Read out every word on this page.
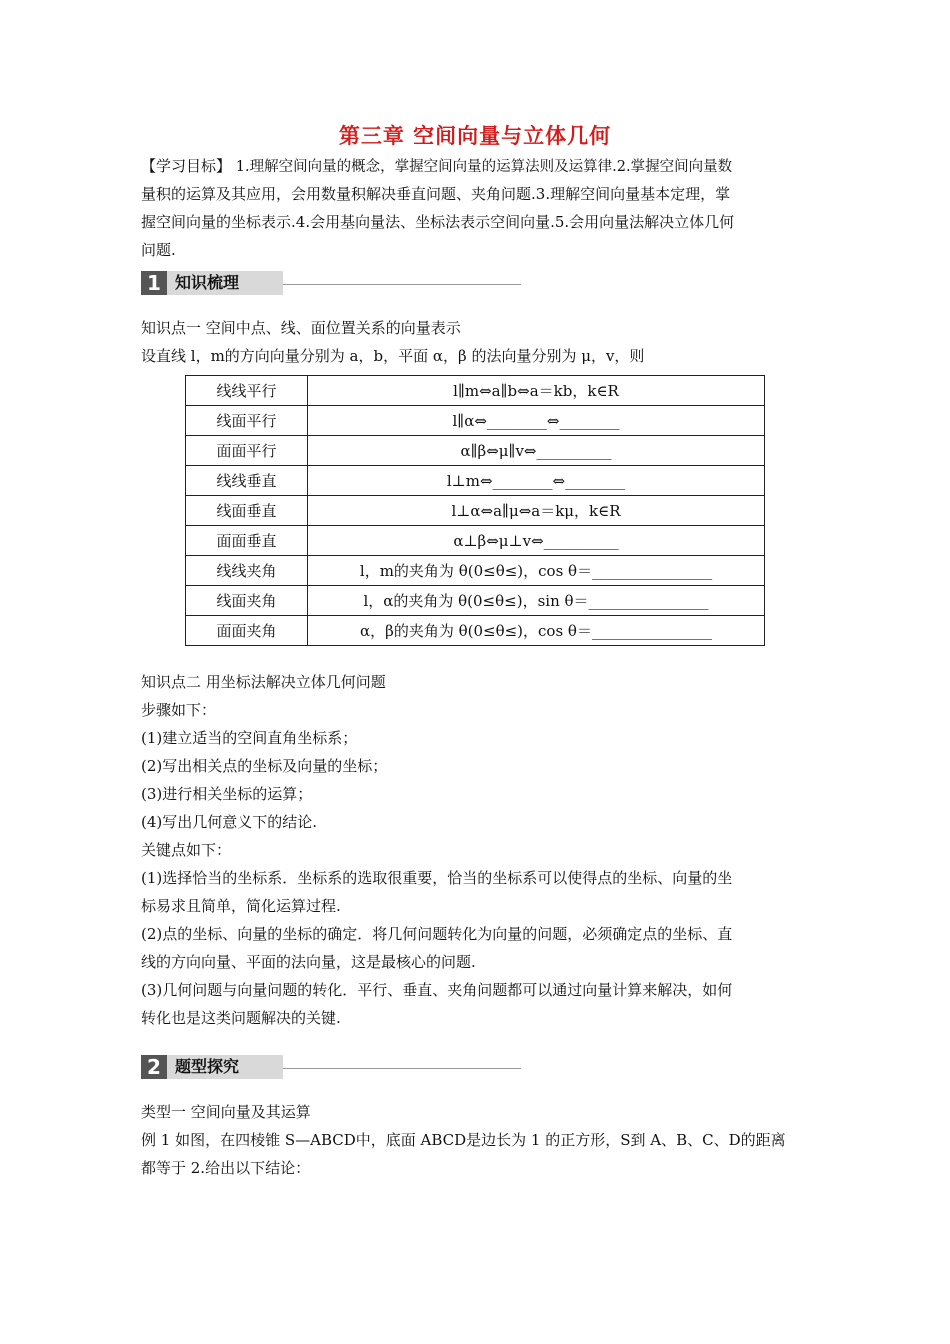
第三章 空间向量与立体几何
【学习目标】 1.理解空间向量的概念，掌握空间向量的运算法则及运算律.2.掌握空间向量数
量积的运算及其应用，会用数量积解决垂直问题、夹角问题.3.理解空间向量基本定理，掌
握空间向量的坐标表示.4.会用基向量法、坐标法表示空间向量.5.会用向量法解决立体几何
问题.
1 知识梳理
知识点一 空间中点、线、面位置关系的向量表示
设直线 l，m的方向向量分别为 a，b，平面 α，β 的法向量分别为 μ，v，则
线线平行	l∥m⇔a∥b⇔a＝kb，k∈R
线面平行	l∥α⇔________⇔________
面面平行	α∥β⇔μ∥v⇔__________
线线垂直	l⊥m⇔________⇔________
线面垂直	l⊥α⇔a∥μ⇔a＝kμ，k∈R
面面垂直	α⊥β⇔μ⊥v⇔__________
线线夹角	l，m的夹角为 θ(0≤θ≤)，cos θ＝________________
线面夹角	l，α的夹角为 θ(0≤θ≤)，sin θ＝________________
面面夹角	α，β的夹角为 θ(0≤θ≤)，cos θ＝________________
知识点二 用坐标法解决立体几何问题
步骤如下：
(1)建立适当的空间直角坐标系；
(2)写出相关点的坐标及向量的坐标；
(3)进行相关坐标的运算；
(4)写出几何意义下的结论.
关键点如下：
(1)选择恰当的坐标系．坐标系的选取很重要，恰当的坐标系可以使得点的坐标、向量的坐
标易求且简单，简化运算过程.
(2)点的坐标、向量的坐标的确定．将几何问题转化为向量的问题，必须确定点的坐标、直
线的方向向量、平面的法向量，这是最核心的问题.
(3)几何问题与向量问题的转化．平行、垂直、夹角问题都可以通过向量计算来解决，如何
转化也是这类问题解决的关键.
2 题型探究
类型一 空间向量及其运算
例 1 如图，在四棱锥 S—ABCD中，底面 ABCD是边长为 1 的正方形，S到 A、B、C、D的距离
都等于 2.给出以下结论：
